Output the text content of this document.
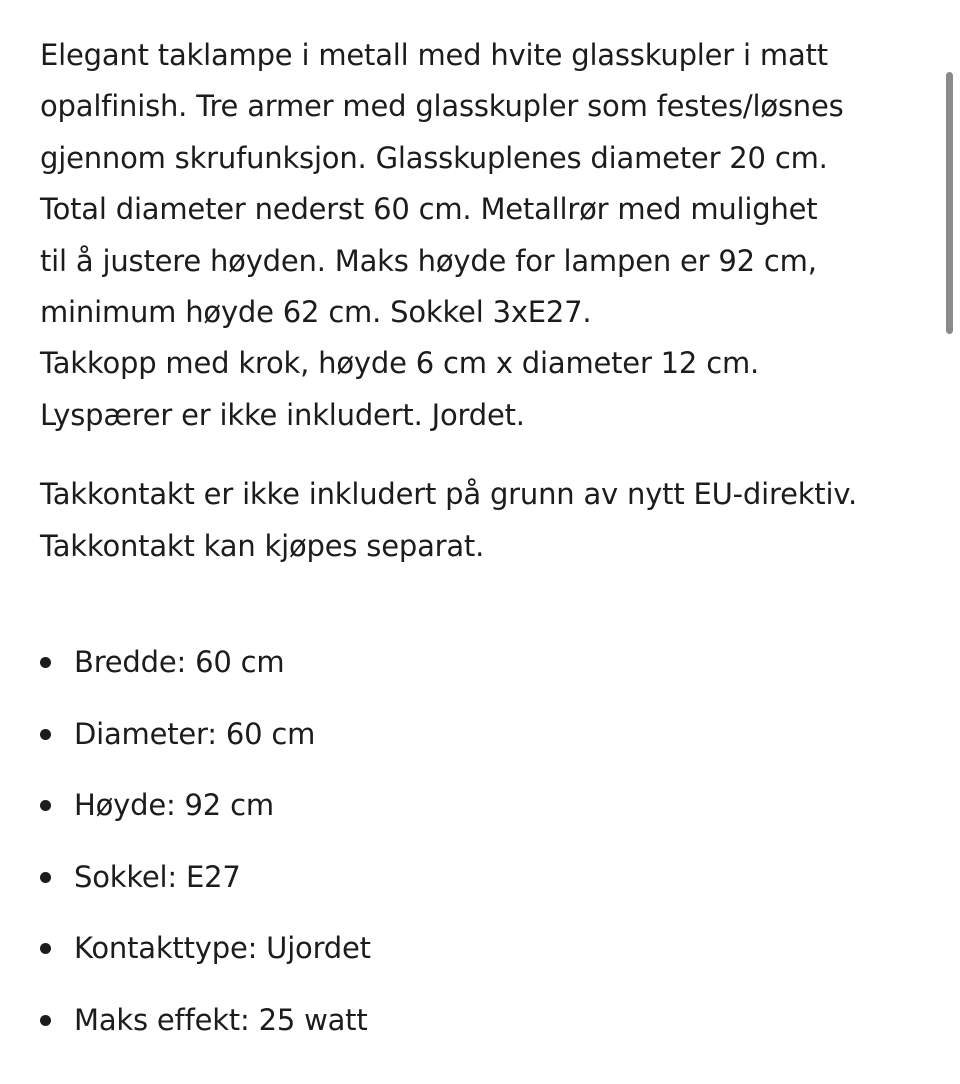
Elegant taklampe i metall med hvite glasskupler i matt
opalfinish. Tre armer med glasskupler som festes/løsnes
gjennom skrufunksjon. Glasskuplenes diameter 20 cm.
Total diameter nederst 60 cm. Metallrør med mulighet
til å justere høyden. Maks høyde for lampen er 92 cm,
minimum høyde 62 cm. Sokkel 3xE27.
Takkopp med krok, høyde 6 cm x diameter 12 cm.
Lyspærer er ikke inkludert. Jordet.
Takkontakt er ikke inkludert på grunn av nytt EU-direktiv.
Takkontakt kan kjøpes separat.
Bredde: 60 cm
Diameter: 60 cm
Høyde: 92 cm
Sokkel: E27
Kontakttype: Ujordet
Maks effekt: 25 watt
